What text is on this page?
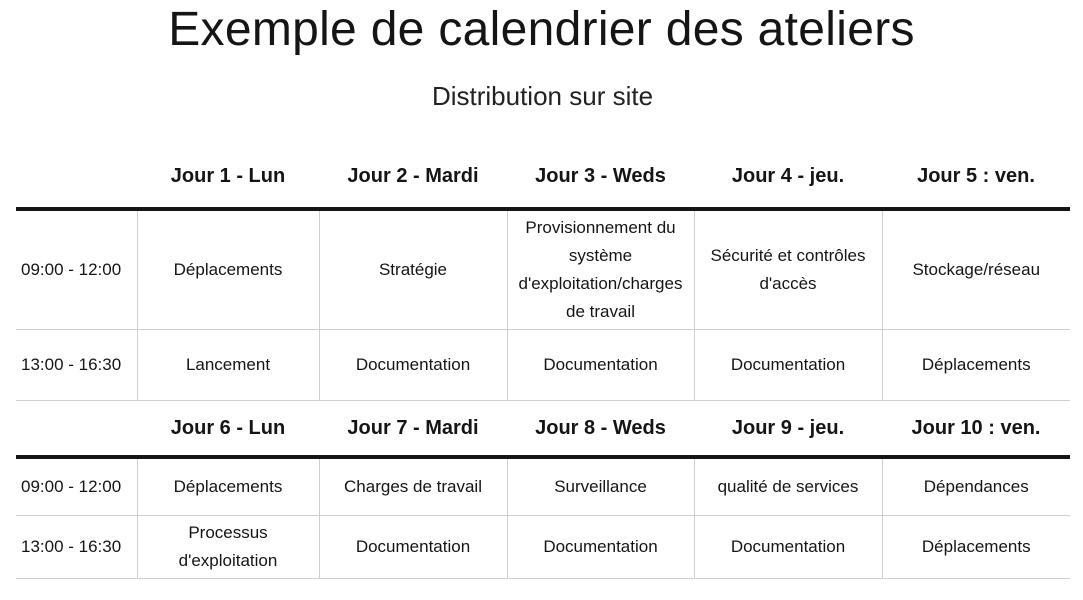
Exemple de calendrier des ateliers
Distribution sur site
	Jour 1 - Lun	Jour 2 - Mardi	Jour 3 - Weds	Jour 4 - jeu.	Jour 5 : ven.
09:00 - 12:00	Déplacements	Stratégie	Provisionnement du système d'exploitation/charges de travail	Sécurité et contrôles d'accès	Stockage/réseau
13:00 - 16:30	Lancement	Documentation	Documentation	Documentation	Déplacements
	Jour 6 - Lun	Jour 7 - Mardi	Jour 8 - Weds	Jour 9 - jeu.	Jour 10 : ven.
09:00 - 12:00	Déplacements	Charges de travail	Surveillance	qualité de services	Dépendances
13:00 - 16:30	Processus d'exploitation	Documentation	Documentation	Documentation	Déplacements
